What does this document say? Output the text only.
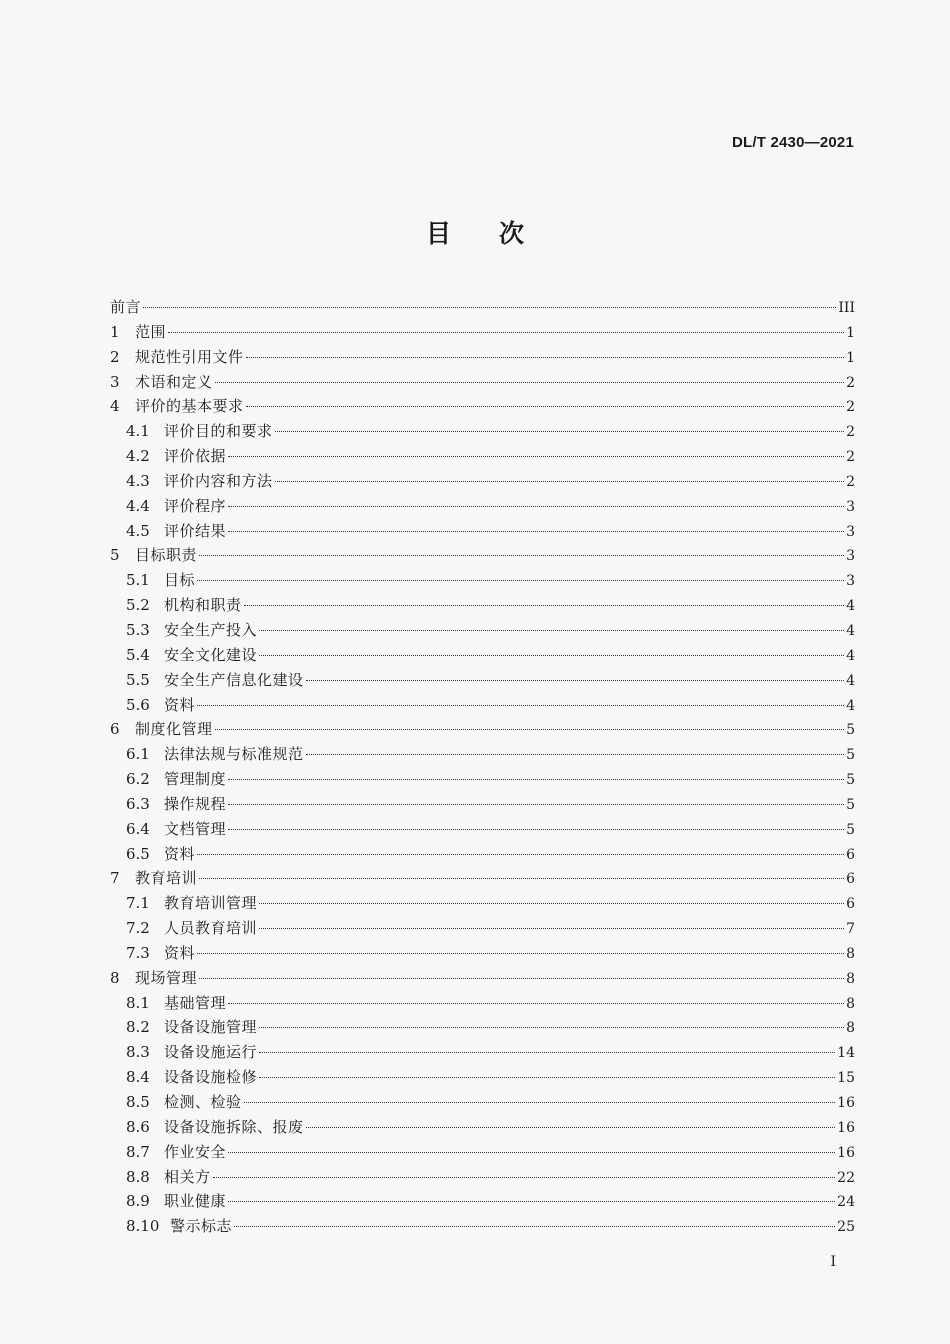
DL/T 2430—2021
目次
前言	III
1	范围	1
2	规范性引用文件	1
3	术语和定义	2
4	评价的基本要求	2
4.1 评价目的和要求	2
4.2 评价依据	2
4.3 评价内容和方法	2
4.4 评价程序	3
4.5 评价结果	3
5	目标职责	3
5.1 目标	3
5.2 机构和职责	4
5.3 安全生产投入	4
5.4 安全文化建设	4
5.5 安全生产信息化建设	4
5.6 资料	4
6	制度化管理	5
6.1 法律法规与标准规范	5
6.2 管理制度	5
6.3 操作规程	5
6.4 文档管理	5
6.5 资料	6
7	教育培训	6
7.1 教育培训管理	6
7.2 人员教育培训	7
7.3 资料	8
8	现场管理	8
8.1 基础管理	8
8.2 设备设施管理	8
8.3 设备设施运行	14
8.4 设备设施检修	15
8.5 检测、检验	16
8.6 设备设施拆除、报废	16
8.7 作业安全	16
8.8 相关方	22
8.9 职业健康	24
8.10 警示标志	25
I
